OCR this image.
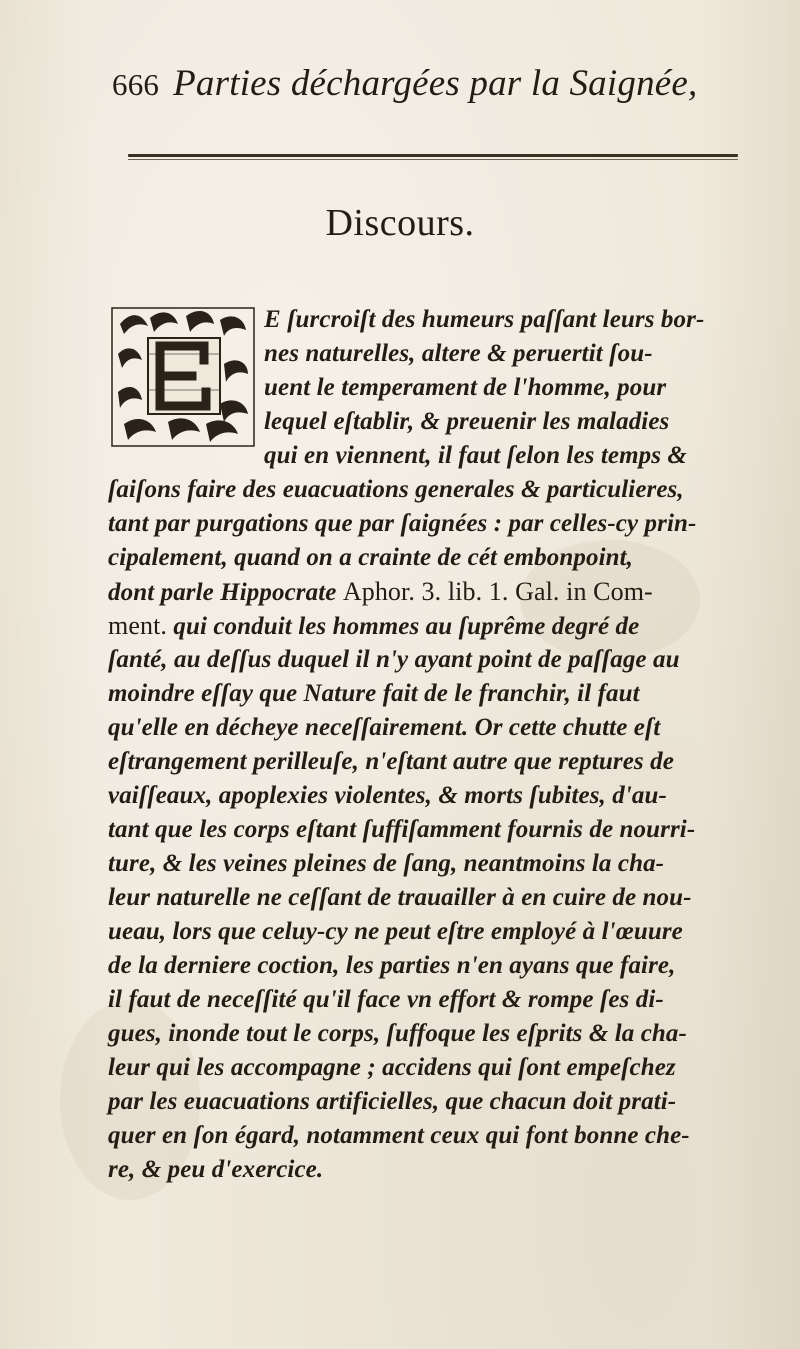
666 Parties déchargées par la Saignée,
Discours.
E ſurcroiſt des humeurs paſſant leurs bor-
nes naturelles, altere & peruertit ſou-
uent le temperament de l'homme, pour
lequel eſtablir, & preuenir les maladies
qui en viennent, il faut ſelon les temps &
ſaiſons faire des euacuations generales & particulieres,
tant par purgations que par ſaignées : par celles-cy prin-
cipalement, quand on a crainte de cét embonpoint,
dont parle Hippocrate Aphor. 3. lib. 1. Gal. in Com-
ment. qui conduit les hommes au ſuprême degré de
ſanté, au deſſus duquel il n'y ayant point de paſſage au
moindre eſſay que Nature fait de le franchir, il faut
qu'elle en décheye neceſſairement. Or cette chutte eſt
eſtrangement perilleuſe, n'eſtant autre que reptures de
vaiſſeaux, apoplexies violentes, & morts ſubites, d'au-
tant que les corps eſtant ſuffiſamment fournis de nourri-
ture, & les veines pleines de ſang, neantmoins la cha-
leur naturelle ne ceſſant de trauailler à en cuire de nou-
ueau, lors que celuy-cy ne peut eſtre employé à l'œuure
de la derniere coction, les parties n'en ayans que faire,
il faut de neceſſité qu'il face vn effort & rompe ſes di-
gues, inonde tout le corps, ſuffoque les eſprits & la cha-
leur qui les accompagne ; accidens qui ſont empeſchez
par les euacuations artificielles, que chacun doit prati-
quer en ſon égard, notamment ceux qui font bonne che-
re, & peu d'exercice.
